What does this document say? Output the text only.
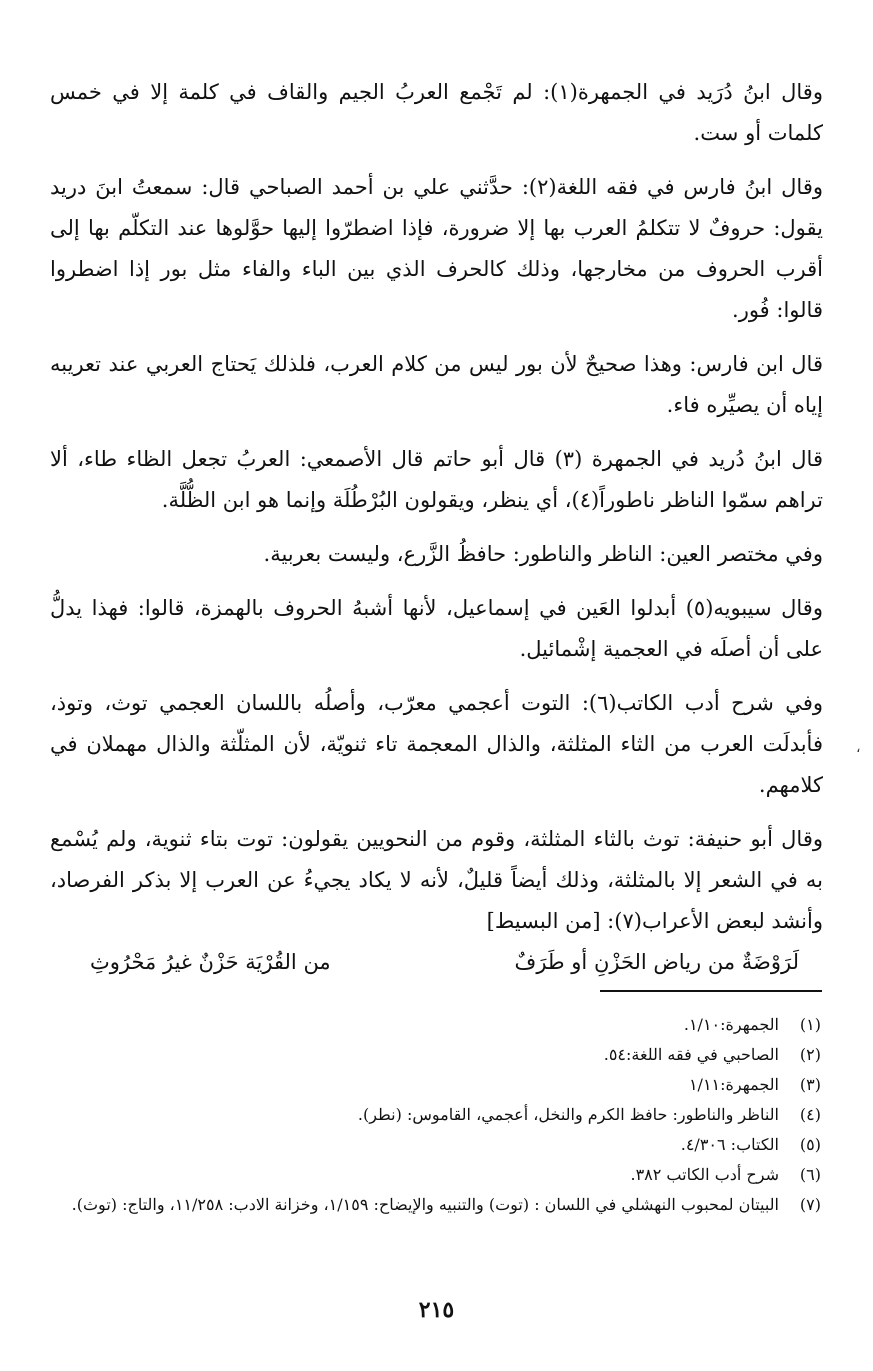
وقال ابنُ دُرَيد في الجمهرة(١): لم تَجْمع العربُ الجيم والقاف في كلمة إلا في خمس كلمات أو ست.

وقال ابنُ فارس في فقه اللغة(٢): حدَّثني علي بن أحمد الصباحي قال: سمعتُ ابنَ دريد يقول: حروفٌ لا تتكلمُ العرب بها إلا ضرورة، فإذا اضطرّوا إليها حوَّلوها عند التكلّم بها إلى أقرب الحروف من مخارجها، وذلك كالحرف الذي بين الباء والفاء مثل بور إذا اضطروا قالوا: فُور.

قال ابن فارس: وهذا صحيحٌ لأن بور ليس من كلام العرب، فلذلك يَحتاج العربي عند تعريبه إياه أن يصيِّره فاء.

قال ابنُ دُريد في الجمهرة (٣) قال أبو حاتم قال الأصمعي: العربُ تجعل الظاء طاء، ألا تراهم سمّوا الناظر ناطوراً(٤)، أي ينظر، ويقولون البُرْطُلَة وإنما هو ابن الظُّلَّة.

وفي مختصر العين: الناظر والناطور: حافظُ الزَّرع، وليست بعربية.

وقال سيبويه(٥) أبدلوا العَين في إسماعيل، لأنها أشبهُ الحروف بالهمزة، قالوا: فهذا يدلُّ على أن أصلَه في العجمية إشْمائيل.

وفي شرح أدب الكاتب(٦): التوت أعجمي معرّب، وأصلُه باللسان العجمي توث، وتوذ، فأبدلَت العرب من الثاء المثلثة، والذال المعجمة تاء ثنويّة، لأن المثلّثة والذال مهملان في كلامهم.

وقال أبو حنيفة: توث بالثاء المثلثة، وقوم من النحويين يقولون: توت بتاء ثنوية، ولم يُسْمع به في الشعر إلا بالمثلثة، وذلك أيضاً قليلٌ، لأنه لا يكاد يجيءُ عن العرب إلا بذكر الفرصاد، وأنشد لبعض الأعراب(٧): [من البسيط]

لَرَوْضَةٌ من رياض الحَزْنِ أو طَرَفٌ
من القُرْيَة حَزْنٌ غيرُ مَحْرُوثِ
،
(١)
الجمهرة:١/١٠.
(٢)
الصاحبي في فقه اللغة:٥٤.
(٣)
الجمهرة:١/١١
(٤)
الناظر والناطور: حافظ الكرم والنخل، أعجمي، القاموس: (نطر).
(٥)
الكتاب: ٤/٣٠٦.
(٦)
شرح أدب الكاتب ٣٨٢.
(٧)
البيتان لمحبوب النهشلي في اللسان : (توت) والتنبيه والإيضاح: ١/١٥٩، وخزانة الادب: ١١/٢٥٨، والتاج: (توث).
٢١٥
